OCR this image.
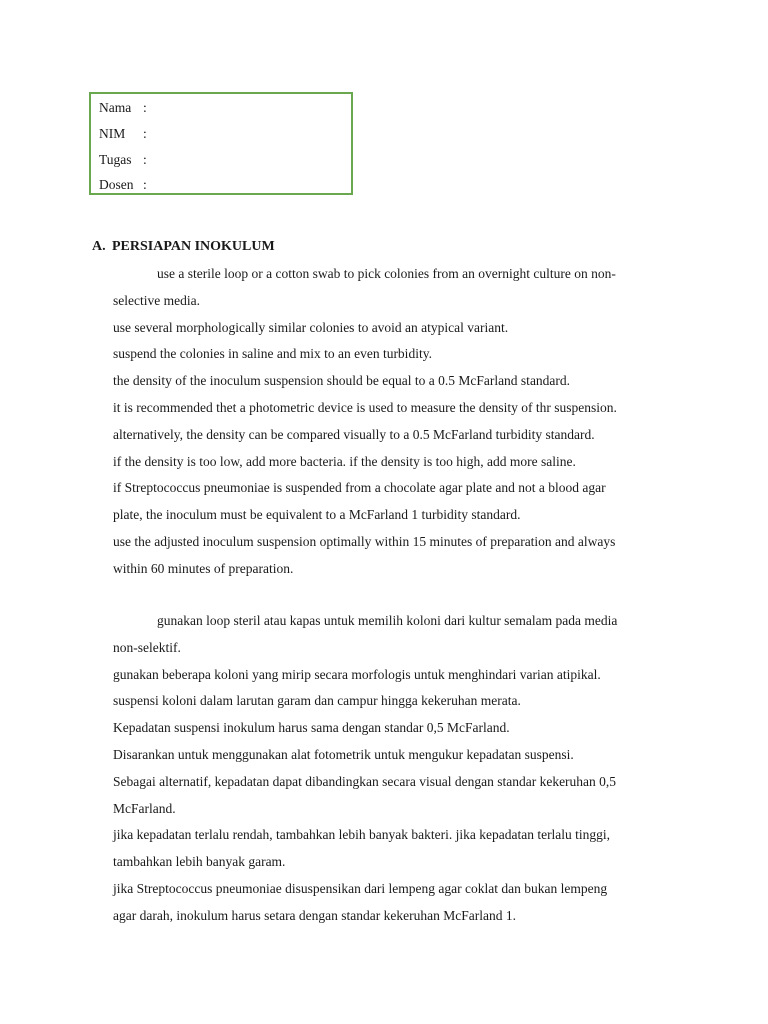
Nama :
NIM :
Tugas :
Dosen :
A. PERSIAPAN INOKULUM
use a sterile loop or a cotton swab to pick colonies from an overnight culture on non-
selective media.
use several morphologically similar colonies to avoid an atypical variant.
suspend the colonies in saline and mix to an even turbidity.
the density of the inoculum suspension should be equal to a 0.5 McFarland standard.
it is recommended thet a photometric device is used to measure the density of thr suspension.
alternatively, the density can be compared visually to a 0.5 McFarland turbidity standard.
if the density is too low, add more bacteria. if the density is too high, add more saline.
if Streptococcus pneumoniae is suspended from a chocolate agar plate and not a blood agar
plate, the inoculum must be equivalent to a McFarland 1 turbidity standard.
use the adjusted inoculum suspension optimally within 15 minutes of preparation and always
within 60 minutes of preparation.
gunakan loop steril atau kapas untuk memilih koloni dari kultur semalam pada media
non-selektif.
gunakan beberapa koloni yang mirip secara morfologis untuk menghindari varian atipikal.
suspensi koloni dalam larutan garam dan campur hingga kekeruhan merata.
Kepadatan suspensi inokulum harus sama dengan standar 0,5 McFarland.
Disarankan untuk menggunakan alat fotometrik untuk mengukur kepadatan suspensi.
Sebagai alternatif, kepadatan dapat dibandingkan secara visual dengan standar kekeruhan 0,5
McFarland.
jika kepadatan terlalu rendah, tambahkan lebih banyak bakteri. jika kepadatan terlalu tinggi,
tambahkan lebih banyak garam.
jika Streptococcus pneumoniae disuspensikan dari lempeng agar coklat dan bukan lempeng
agar darah, inokulum harus setara dengan standar kekeruhan McFarland 1.
